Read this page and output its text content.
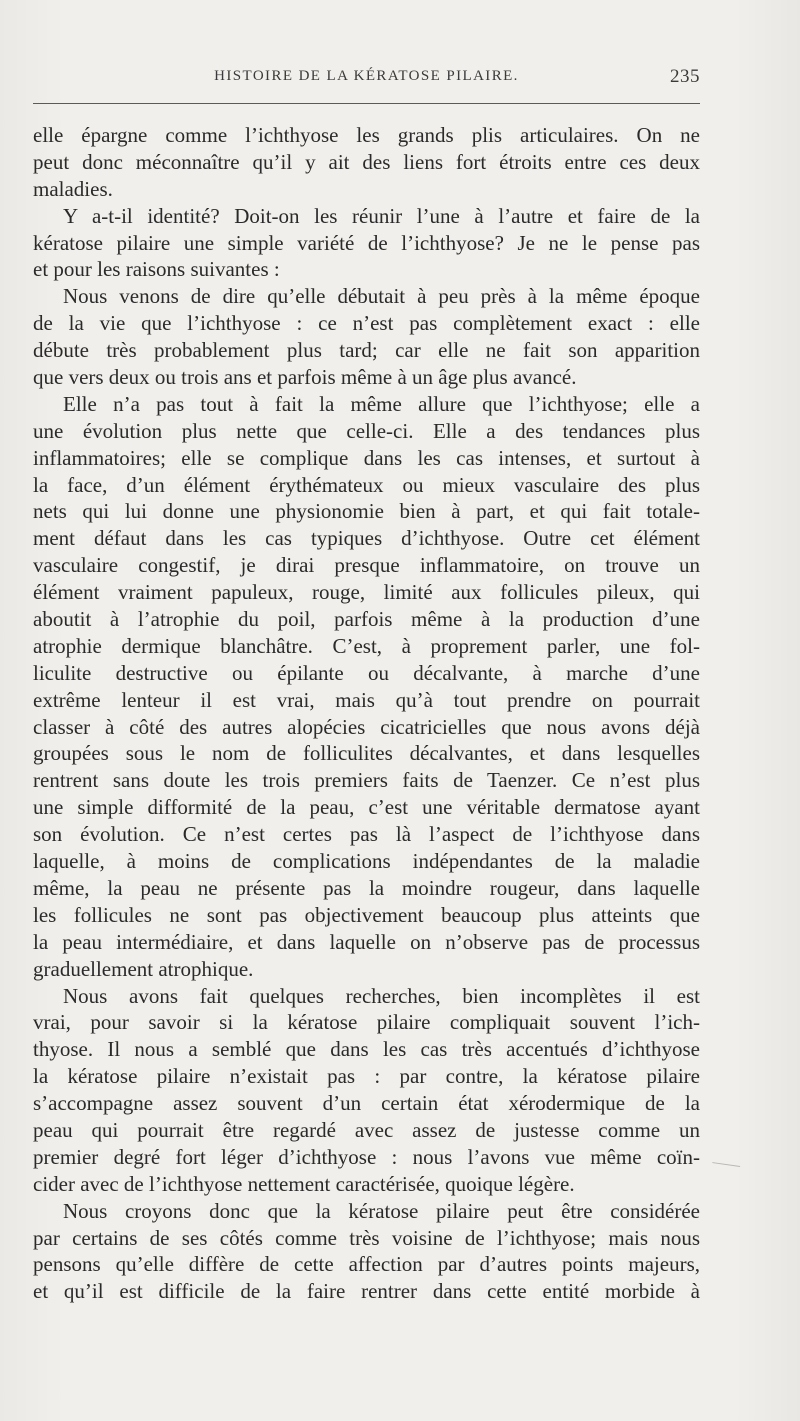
HISTOIRE DE LA KÉRATOSE PILAIRE.	235
elle épargne comme l’ichthyose les grands plis articulaires. On ne
peut donc méconnaître qu’il y ait des liens fort étroits entre ces deux
maladies.
Y a-t-il identité? Doit-on les réunir l’une à l’autre et faire de la
kératose pilaire une simple variété de l’ichthyose? Je ne le pense pas
et pour les raisons suivantes :
Nous venons de dire qu’elle débutait à peu près à la même époque
de la vie que l’ichthyose : ce n’est pas complètement exact : elle
débute très probablement plus tard; car elle ne fait son apparition
que vers deux ou trois ans et parfois même à un âge plus avancé.
Elle n’a pas tout à fait la même allure que l’ichthyose; elle a
une évolution plus nette que celle-ci. Elle a des tendances plus
inflammatoires; elle se complique dans les cas intenses, et surtout à
la face, d’un élément érythémateux ou mieux vasculaire des plus
nets qui lui donne une physionomie bien à part, et qui fait totale-
ment défaut dans les cas typiques d’ichthyose. Outre cet élément
vasculaire congestif, je dirai presque inflammatoire, on trouve un
élément vraiment papuleux, rouge, limité aux follicules pileux, qui
aboutit à l’atrophie du poil, parfois même à la production d’une
atrophie dermique blanchâtre. C’est, à proprement parler, une fol-
liculite destructive ou épilante ou décalvante, à marche d’une
extrême lenteur il est vrai, mais qu’à tout prendre on pourrait
classer à côté des autres alopécies cicatricielles que nous avons déjà
groupées sous le nom de folliculites décalvantes, et dans lesquelles
rentrent sans doute les trois premiers faits de Taenzer. Ce n’est plus
une simple difformité de la peau, c’est une véritable dermatose ayant
son évolution. Ce n’est certes pas là l’aspect de l’ichthyose dans
laquelle, à moins de complications indépendantes de la maladie
même, la peau ne présente pas la moindre rougeur, dans laquelle
les follicules ne sont pas objectivement beaucoup plus atteints que
la peau intermédiaire, et dans laquelle on n’observe pas de processus
graduellement atrophique.
Nous avons fait quelques recherches, bien incomplètes il est
vrai, pour savoir si la kératose pilaire compliquait souvent l’ich-
thyose. Il nous a semblé que dans les cas très accentués d’ichthyose
la kératose pilaire n’existait pas : par contre, la kératose pilaire
s’accompagne assez souvent d’un certain état xérodermique de la
peau qui pourrait être regardé avec assez de justesse comme un
premier degré fort léger d’ichthyose : nous l’avons vue même coïn-
cider avec de l’ichthyose nettement caractérisée, quoique légère.
Nous croyons donc que la kératose pilaire peut être considérée
par certains de ses côtés comme très voisine de l’ichthyose; mais nous
pensons qu’elle diffère de cette affection par d’autres points majeurs,
et qu’il est difficile de la faire rentrer dans cette entité morbide à
